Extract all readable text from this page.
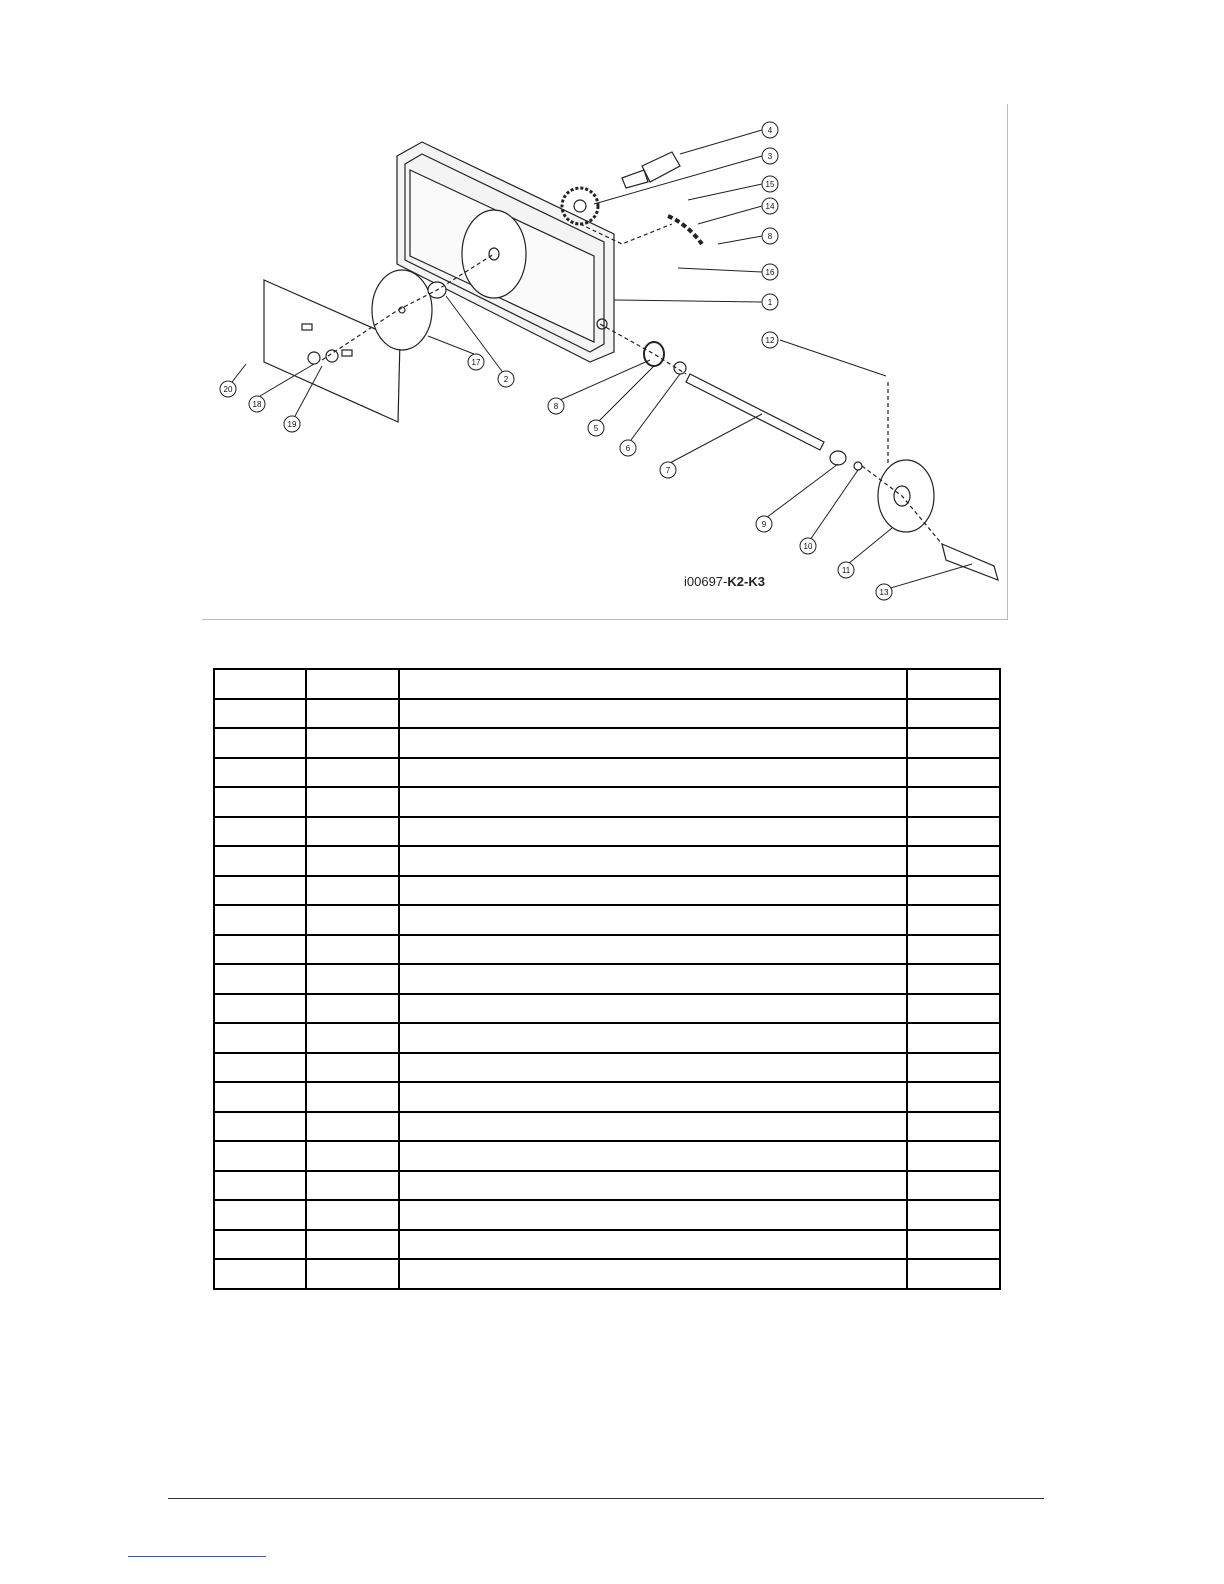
1
2
3
4
5
6
7
8
8
9
10
11
12
13
14
15
16
17
18
19
20
i00697-K2-K3
